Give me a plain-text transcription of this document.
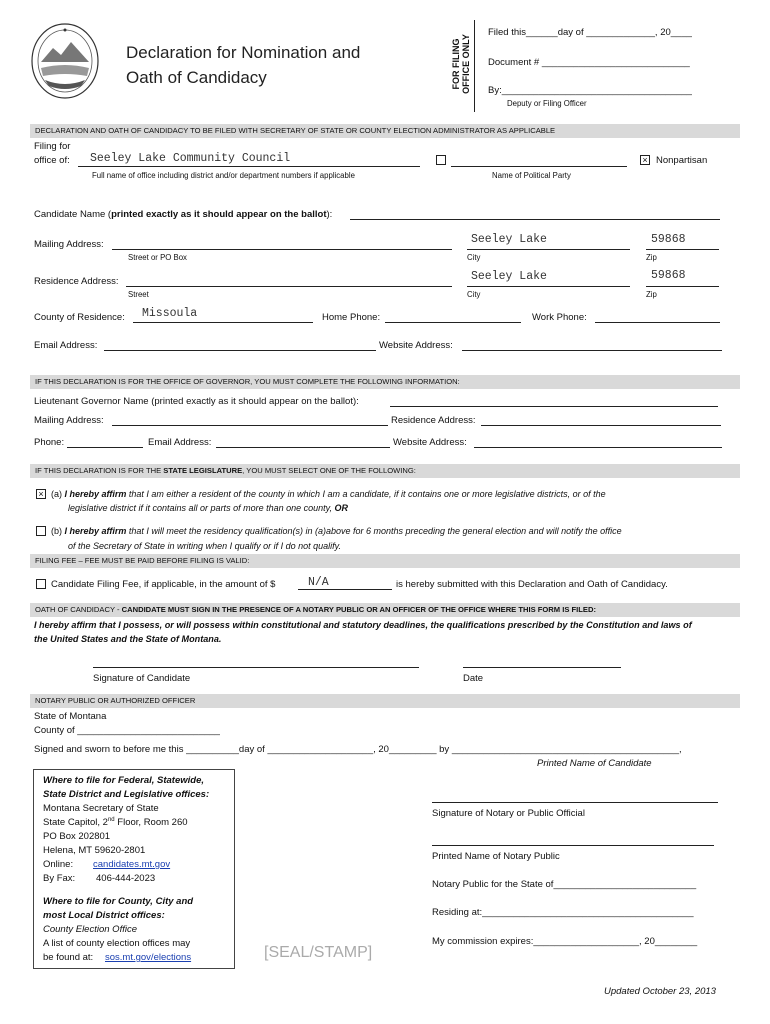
Declaration for Nomination and
Oath of Candidacy	FOR FILING OFFICE ONLY
Filed this______day of _____________, 20____
Document # ____________________________
By:____________________________________
Deputy or Filing Officer
DECLARATION AND OATH OF CANDIDACY TO BE FILED WITH SECRETARY OF STATE OR COUNTY ELECTION ADMINISTRATOR AS APPLICABLE
Filing for
office of: Seeley Lake Community Council
Full name of office including district and/or department numbers if applicable	Name of Political Party
× Nonpartisan
Candidate Name (printed exactly as it should appear on the ballot):
Mailing Address:	Seeley Lake	59868
Street or PO Box	City	Zip
Residence Address:	Seeley Lake	59868
Street	City	Zip
County of Residence: Missoula	Home Phone:	Work Phone:
Email Address:	Website Address:
IF THIS DECLARATION IS FOR THE OFFICE OF GOVERNOR, YOU MUST COMPLETE THE FOLLOWING INFORMATION:
Lieutenant Governor Name (printed exactly as it should appear on the ballot):
Mailing Address:	Residence Address:
Phone:	Email Address:	Website Address:
IF THIS DECLARATION IS FOR THE STATE LEGISLATURE, YOU MUST SELECT ONE OF THE FOLLOWING:
× (a) I hereby affirm that I am either a resident of the county in which I am a candidate, if it contains one or more legislative districts, or of the
legislative district if it contains all or parts of more than one county, OR
(b) I hereby affirm that I will meet the residency qualification(s) in (a)above for 6 months preceding the general election and will notify the office
of the Secretary of State in writing when I qualify or if I do not qualify.
FILING FEE – FEE MUST BE PAID BEFORE FILING IS VALID:
Candidate Filing Fee, if applicable, in the amount of $	N/A	is hereby submitted with this Declaration and Oath of Candidacy.
OATH OF CANDIDACY - CANDIDATE MUST SIGN IN THE PRESENCE OF A NOTARY PUBLIC OR AN OFFICER OF THE OFFICE WHERE THIS FORM IS FILED:
I hereby affirm that I possess, or will possess within constitutional and statutory deadlines, the qualifications prescribed by the Constitution and laws of
the United States and the State of Montana.
Signature of Candidate	Date
NOTARY PUBLIC OR AUTHORIZED OFFICER
State of Montana
County of ___________________________
Signed and sworn to before me this __________day of ____________________, 20_________ by ___________________________________________,
Printed Name of Candidate
Where to file for Federal, Statewide,
State District and Legislative offices:
Montana Secretary of State
State Capitol, 2nd Floor, Room 260
PO Box 202801
Helena, MT 59620-2801
Online: candidates.mt.gov
By Fax: 406-444-2023
Where to file for County, City and
most Local District offices:
County Election Office
A list of county election offices may
be found at: sos.mt.gov/elections	[SEAL/STAMP]
Signature of Notary or Public Official
Printed Name of Notary Public
Notary Public for the State of___________________________
Residing at:________________________________________
My commission expires:____________________, 20________
Updated October 23, 2013
